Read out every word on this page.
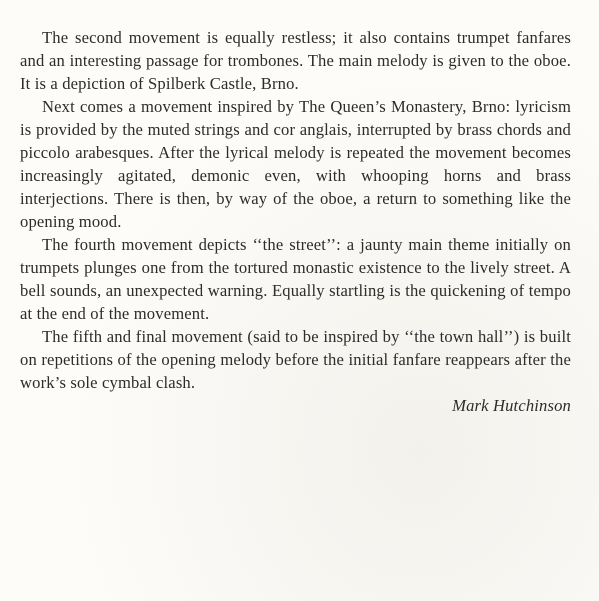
The second movement is equally restless; it also contains trumpet fanfares and an interesting passage for trombones. The main melody is given to the oboe. It is a depiction of Spilberk Castle, Brno.

Next comes a movement inspired by The Queen’s Monastery, Brno: lyricism is provided by the muted strings and cor anglais, interrupted by brass chords and piccolo arabesques. After the lyrical melody is repeated the movement becomes increasingly agitated, demonic even, with whooping horns and brass interjections. There is then, by way of the oboe, a return to something like the opening mood.

The fourth movement depicts ‘‘the street’’: a jaunty main theme initially on trumpets plunges one from the tortured monastic existence to the lively street. A bell sounds, an unexpected warning. Equally startling is the quickening of tempo at the end of the movement.

The fifth and final movement (said to be inspired by ‘‘the town hall’’) is built on repetitions of the opening melody before the initial fanfare reappears after the work’s sole cymbal clash.

Mark Hutchinson
